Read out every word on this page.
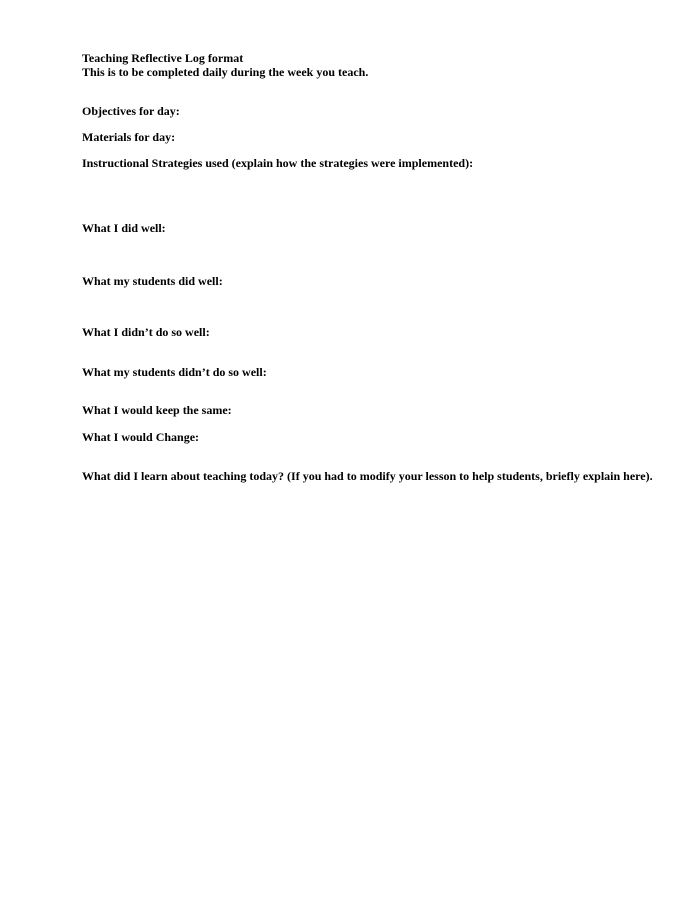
Teaching Reflective Log format
This is to be completed daily during the week you teach.
Objectives for day:
Materials for day:
Instructional Strategies used (explain how the strategies were implemented):
What I did well:
What my students did well:
What I didn’t do so well:
What my students didn’t do so well:
What I would keep the same:
What I would Change:
What did I learn about teaching today? (If you had to modify your lesson to help students, briefly explain here).
